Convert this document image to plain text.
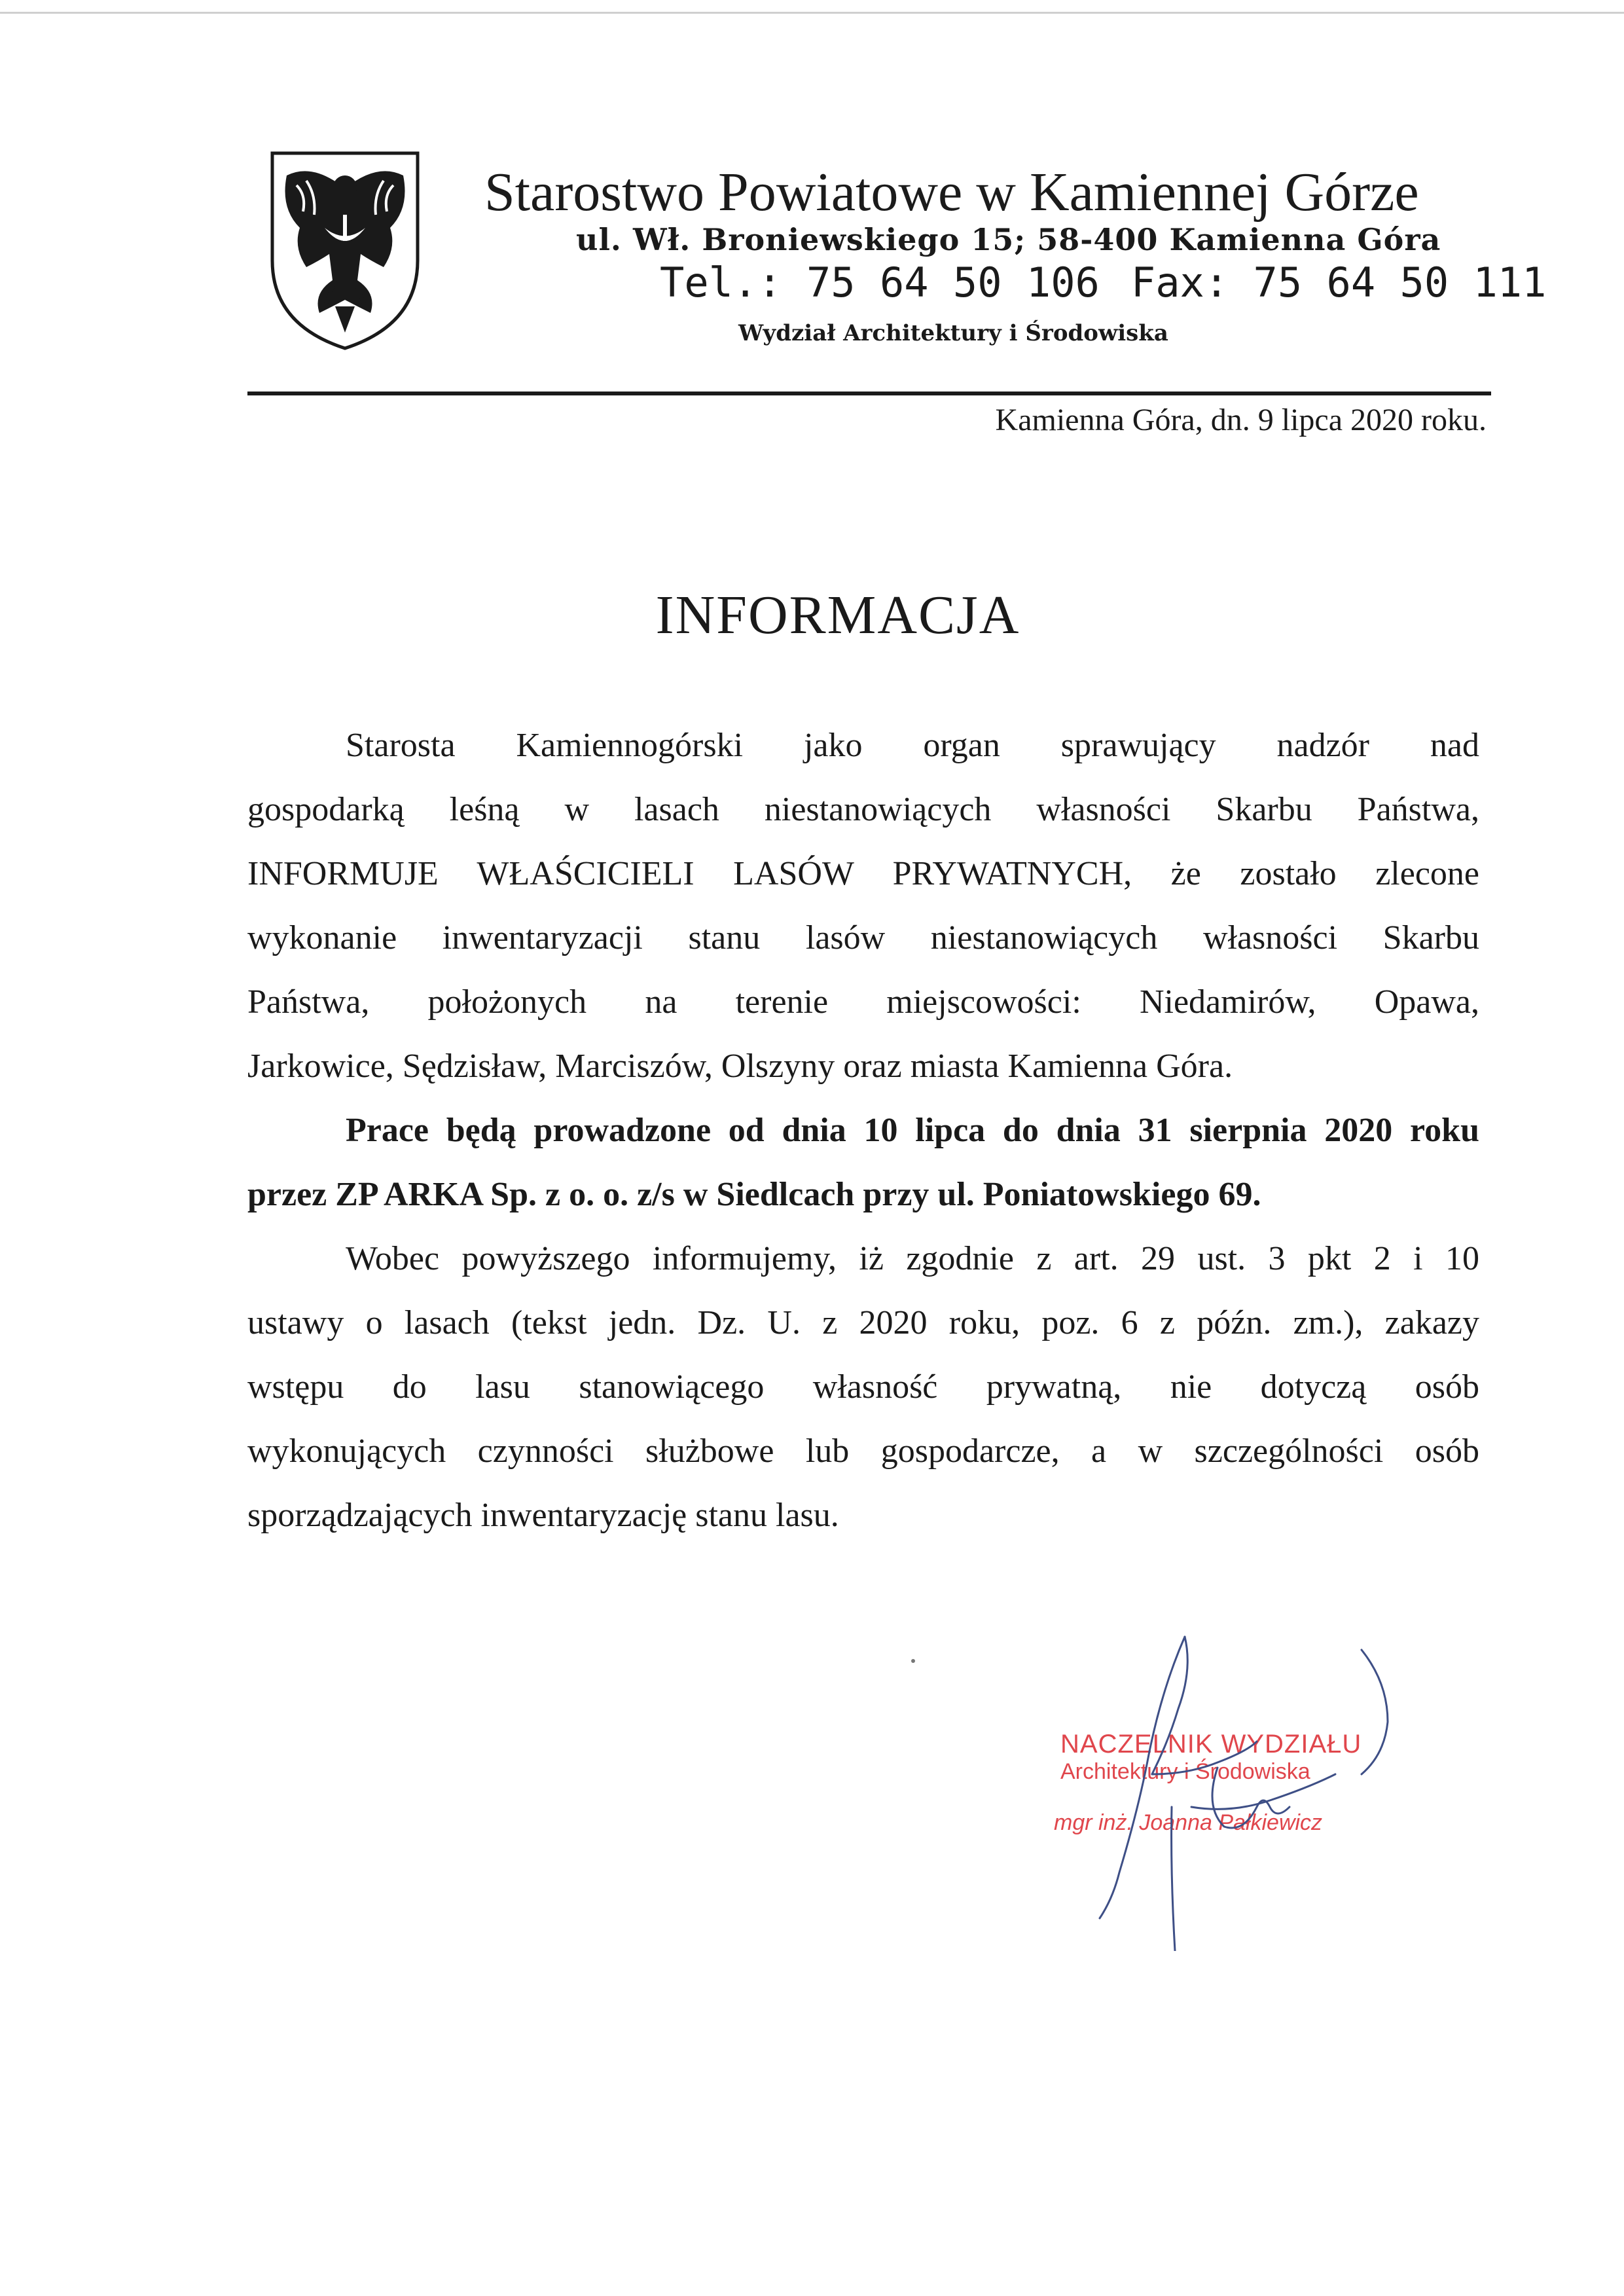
Starostwo Powiatowe w Kamiennej Górze
ul. Wł. Broniewskiego 15; 58-400 Kamienna Góra
Tel.: 75 64 50 106 Fax: 75 64 50 111
Wydział Architektury i Środowiska
Kamienna Góra, dn. 9 lipca 2020 roku.
INFORMACJA
Starosta Kamiennogórski jako organ sprawujący nadzór nad
gospodarką leśną w lasach niestanowiących własności Skarbu Państwa,
INFORMUJE WŁAŚCICIELI LASÓW PRYWATNYCH, że zostało zlecone
wykonanie inwentaryzacji stanu lasów niestanowiących własności Skarbu
Państwa, położonych na terenie miejscowości: Niedamirów, Opawa,
Jarkowice, Sędzisław, Marciszów, Olszyny oraz miasta Kamienna Góra.
Prace będą prowadzone od dnia 10 lipca do dnia 31 sierpnia 2020 roku
przez ZP ARKA Sp. z o. o. z/s w Siedlcach przy ul. Poniatowskiego 69.
Wobec powyższego informujemy, iż zgodnie z art. 29 ust. 3 pkt 2 i 10
ustawy o lasach (tekst jedn. Dz. U. z 2020 roku, poz. 6 z późn. zm.), zakazy
wstępu do lasu stanowiącego własność prywatną, nie dotyczą osób
wykonujących czynności służbowe lub gospodarcze, a w szczególności osób
sporządzających inwentaryzację stanu lasu.
NACZELNIK WYDZIAŁU
Architektury i Środowiska
mgr inż. Joanna Pałkiewicz
